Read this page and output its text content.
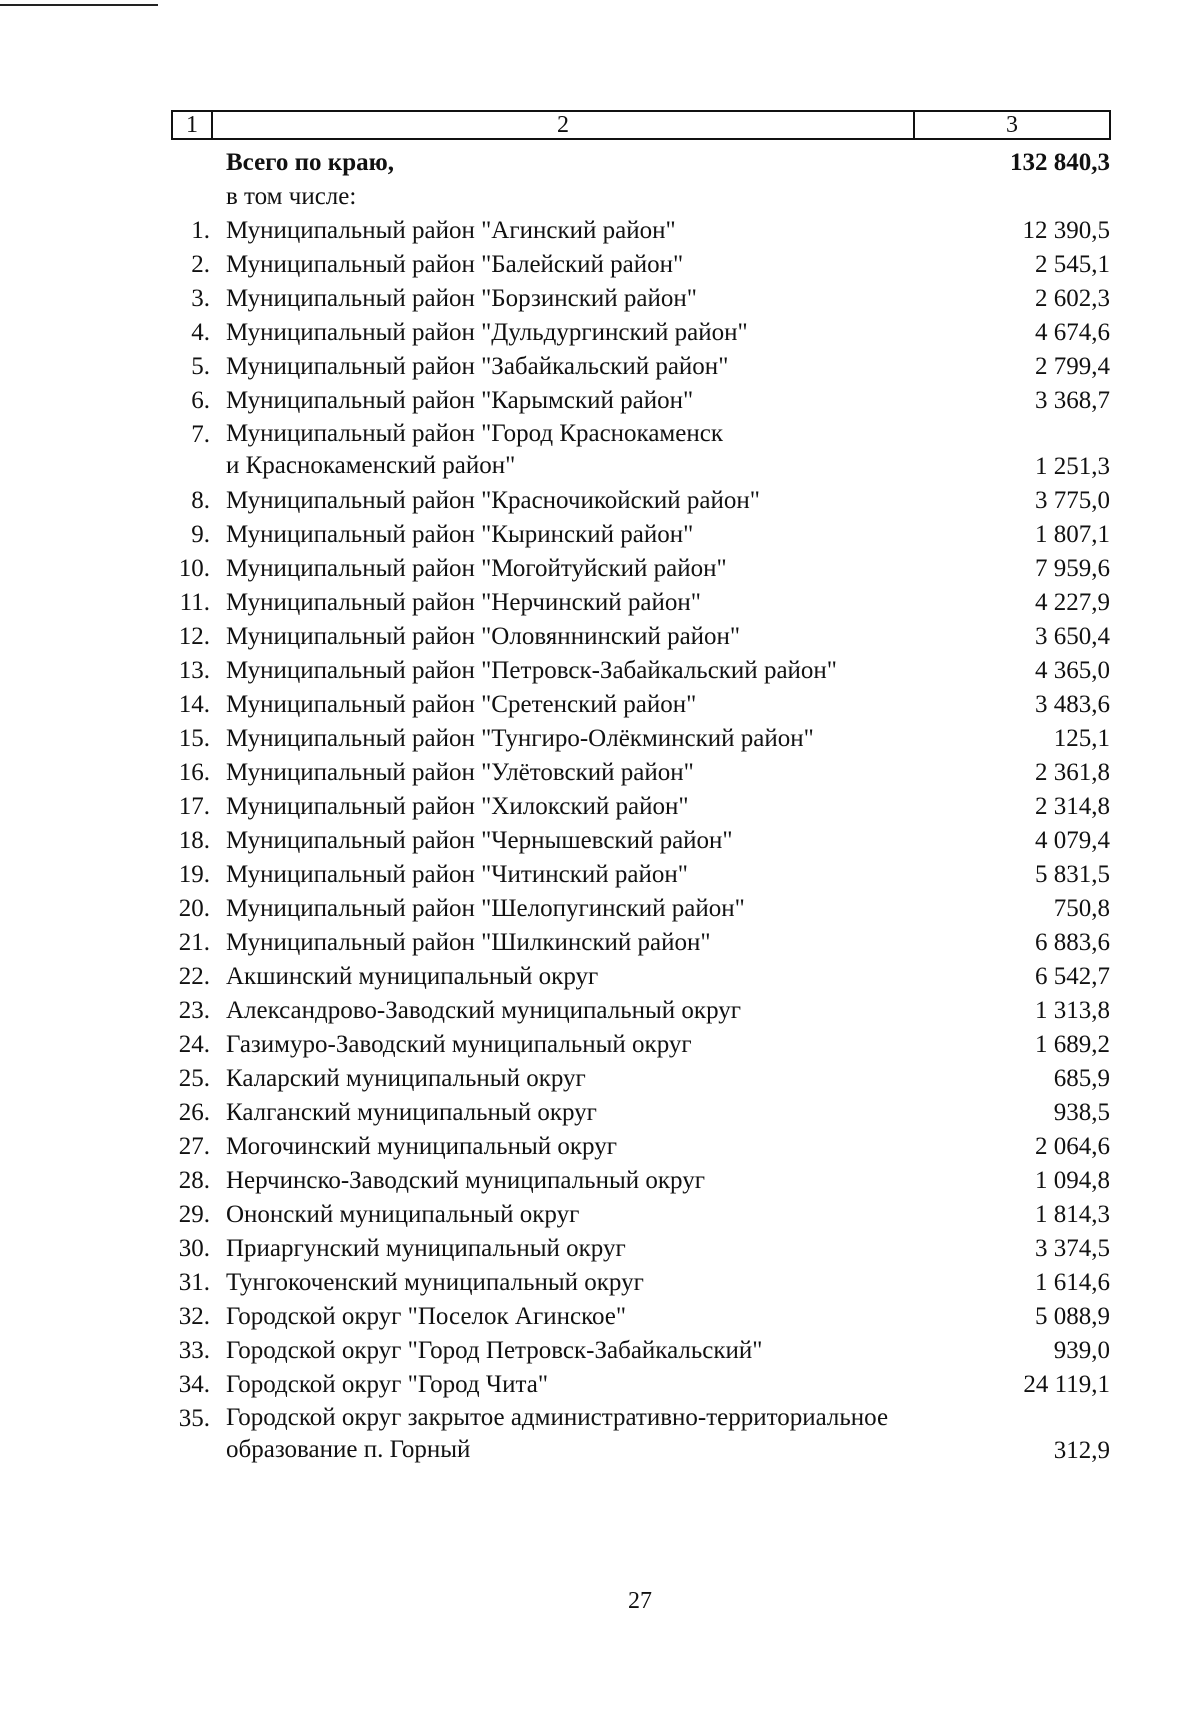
1	2	3
Всего по краю,	132 840,3
в том числе:
1. Муниципальный район "Агинский район"	12 390,5
2. Муниципальный район "Балейский район"	2 545,1
3. Муниципальный район "Борзинский район"	2 602,3
4. Муниципальный район "Дульдургинский район"	4 674,6
5. Муниципальный район "Забайкальский район"	2 799,4
6. Муниципальный район "Карымский район"	3 368,7
7. Муниципальный район "Город Краснокаменск
и Краснокаменский район"	1 251,3
8. Муниципальный район "Красночикойский район"	3 775,0
9. Муниципальный район "Кыринский район"	1 807,1
10. Муниципальный район "Могойтуйский район"	7 959,6
11. Муниципальный район "Нерчинский район"	4 227,9
12. Муниципальный район "Оловяннинский район"	3 650,4
13. Муниципальный район "Петровск-Забайкальский район"	4 365,0
14. Муниципальный район "Сретенский район"	3 483,6
15. Муниципальный район "Тунгиро-Олёкминский район"	125,1
16. Муниципальный район "Улётовский район"	2 361,8
17. Муниципальный район "Хилокский район"	2 314,8
18. Муниципальный район "Чернышевский район"	4 079,4
19. Муниципальный район "Читинский район"	5 831,5
20. Муниципальный район "Шелопугинский район"	750,8
21. Муниципальный район "Шилкинский район"	6 883,6
22. Акшинский муниципальный округ	6 542,7
23. Александрово-Заводский муниципальный округ	1 313,8
24. Газимуро-Заводский муниципальный округ	1 689,2
25. Каларский муниципальный округ	685,9
26. Калганский муниципальный округ	938,5
27. Могочинский муниципальный округ	2 064,6
28. Нерчинско-Заводский муниципальный округ	1 094,8
29. Ононский муниципальный округ	1 814,3
30. Приаргунский муниципальный округ	3 374,5
31. Тунгокоченский муниципальный округ	1 614,6
32. Городской округ "Поселок Агинское"	5 088,9
33. Городской округ "Город Петровск-Забайкальский"	939,0
34. Городской округ "Город Чита"	24 119,1
35. Городской округ закрытое административно-территориальное
образование п. Горный	312,9
27
